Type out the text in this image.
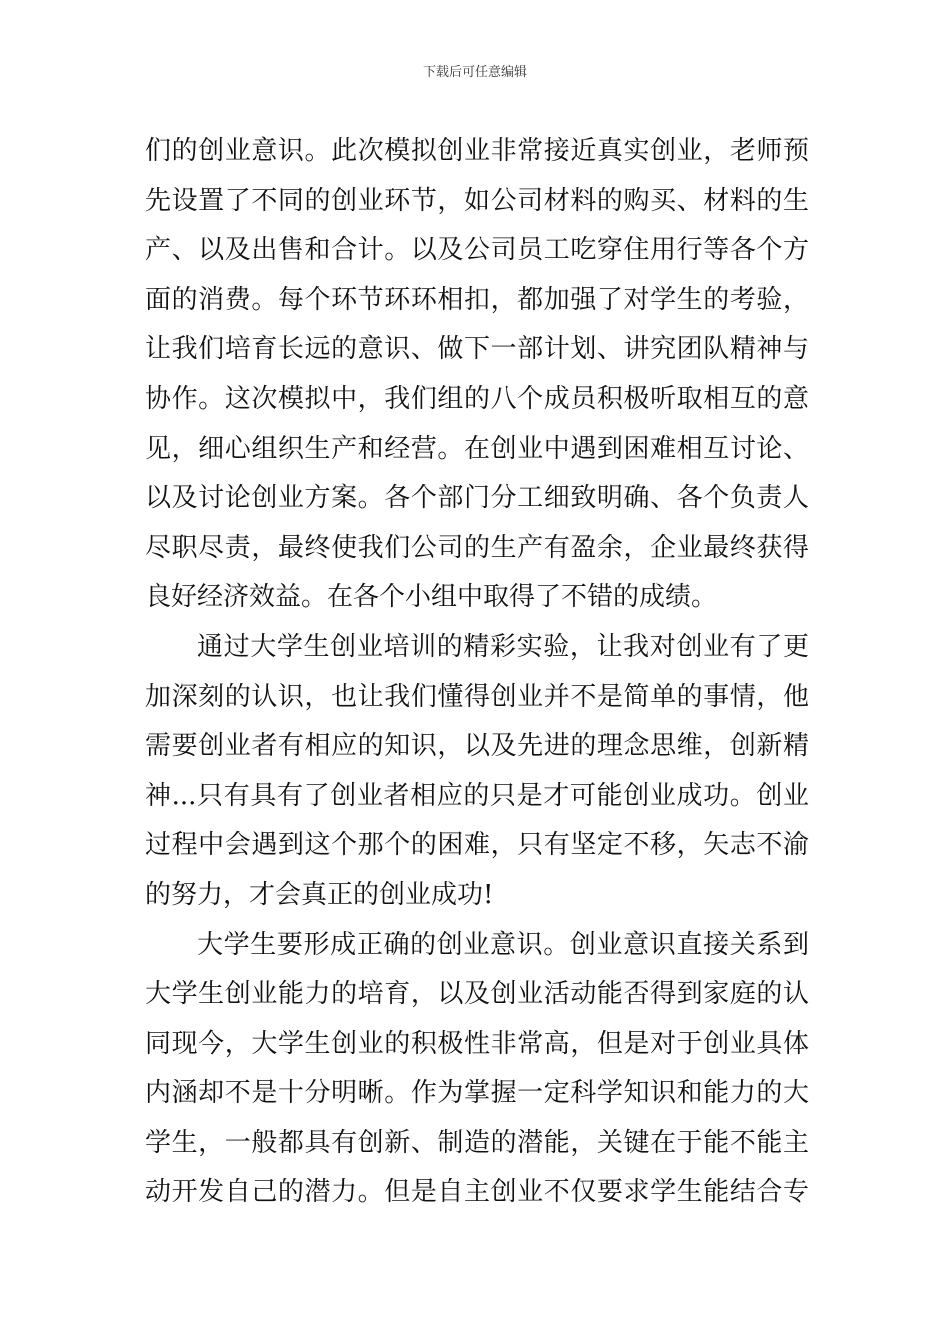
下载后可任意编辑

们的创业意识。此次模拟创业非常接近真实创业，老师预
先设置了不同的创业环节，如公司材料的购买、材料的生
产、以及出售和合计。以及公司员工吃穿住用行等各个方
面的消费。每个环节环环相扣，都加强了对学生的考验，
让我们培育长远的意识、做下一部计划、讲究团队精神与
协作。这次模拟中，我们组的八个成员积极听取相互的意
见，细心组织生产和经营。在创业中遇到困难相互讨论、
以及讨论创业方案。各个部门分工细致明确、各个负责人
尽职尽责，最终使我们公司的生产有盈余，企业最终获得
良好经济效益。在各个小组中取得了不错的成绩。

通过大学生创业培训的精彩实验，让我对创业有了更
加深刻的认识，也让我们懂得创业并不是简单的事情，他
需要创业者有相应的知识，以及先进的理念思维，创新精
神...只有具有了创业者相应的只是才可能创业成功。创业
过程中会遇到这个那个的困难，只有坚定不移，矢志不渝
的努力，才会真正的创业成功!

大学生要形成正确的创业意识。创业意识直接关系到
大学生创业能力的培育，以及创业活动能否得到家庭的认
同现今，大学生创业的积极性非常高，但是对于创业具体
内涵却不是十分明晰。作为掌握一定科学知识和能力的大
学生，一般都具有创新、制造的潜能，关键在于能不能主
动开发自己的潜力。但是自主创业不仅要求学生能结合专
